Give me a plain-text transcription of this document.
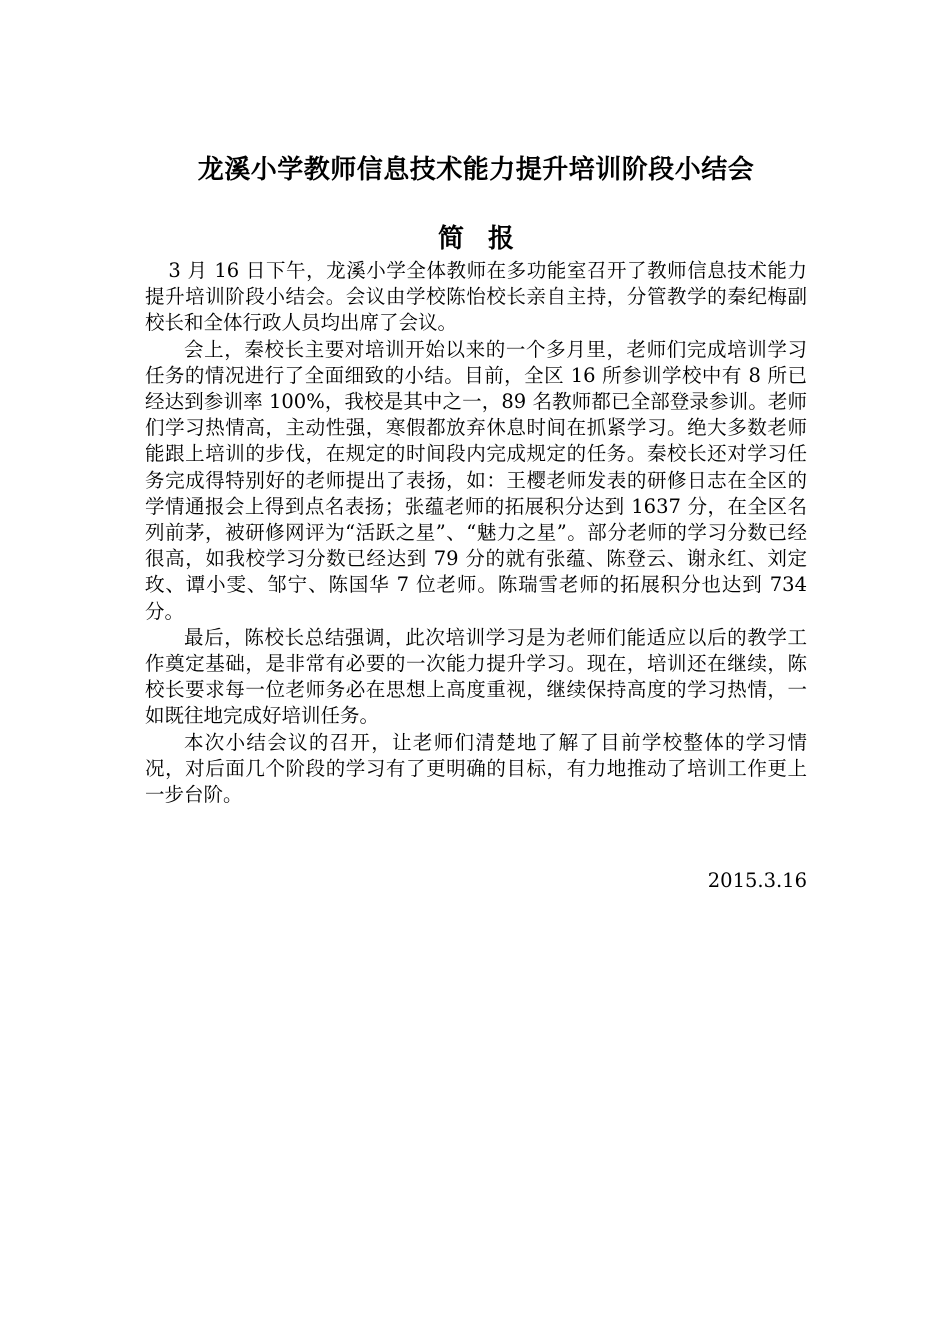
龙溪小学教师信息技术能力提升培训阶段小结会
简报

3 月 16 日下午，龙溪小学全体教师在多功能室召开了教师信息技术能力提升培训阶段小结会。会议由学校陈怡校长亲自主持，分管教学的秦纪梅副校长和全体行政人员均出席了会议。

会上，秦校长主要对培训开始以来的一个多月里，老师们完成培训学习任务的情况进行了全面细致的小结。目前，全区 16 所参训学校中有 8 所已经达到参训率 100%，我校是其中之一，89 名教师都已全部登录参训。老师们学习热情高，主动性强，寒假都放弃休息时间在抓紧学习。绝大多数老师能跟上培训的步伐，在规定的时间段内完成规定的任务。秦校长还对学习任务完成得特别好的老师提出了表扬，如：王樱老师发表的研修日志在全区的学情通报会上得到点名表扬；张蕴老师的拓展积分达到 1637 分，在全区名列前茅，被研修网评为“活跃之星”、“魅力之星”。部分老师的学习分数已经很高，如我校学习分数已经达到 79 分的就有张蕴、陈登云、谢永红、刘定玫、谭小雯、邹宁、陈国华 7 位老师。陈瑞雪老师的拓展积分也达到 734 分。

最后，陈校长总结强调，此次培训学习是为老师们能适应以后的教学工作奠定基础，是非常有必要的一次能力提升学习。现在，培训还在继续，陈校长要求每一位老师务必在思想上高度重视，继续保持高度的学习热情，一如既往地完成好培训任务。

本次小结会议的召开，让老师们清楚地了解了目前学校整体的学习情况，对后面几个阶段的学习有了更明确的目标，有力地推动了培训工作更上一步台阶。

2015.3.16
